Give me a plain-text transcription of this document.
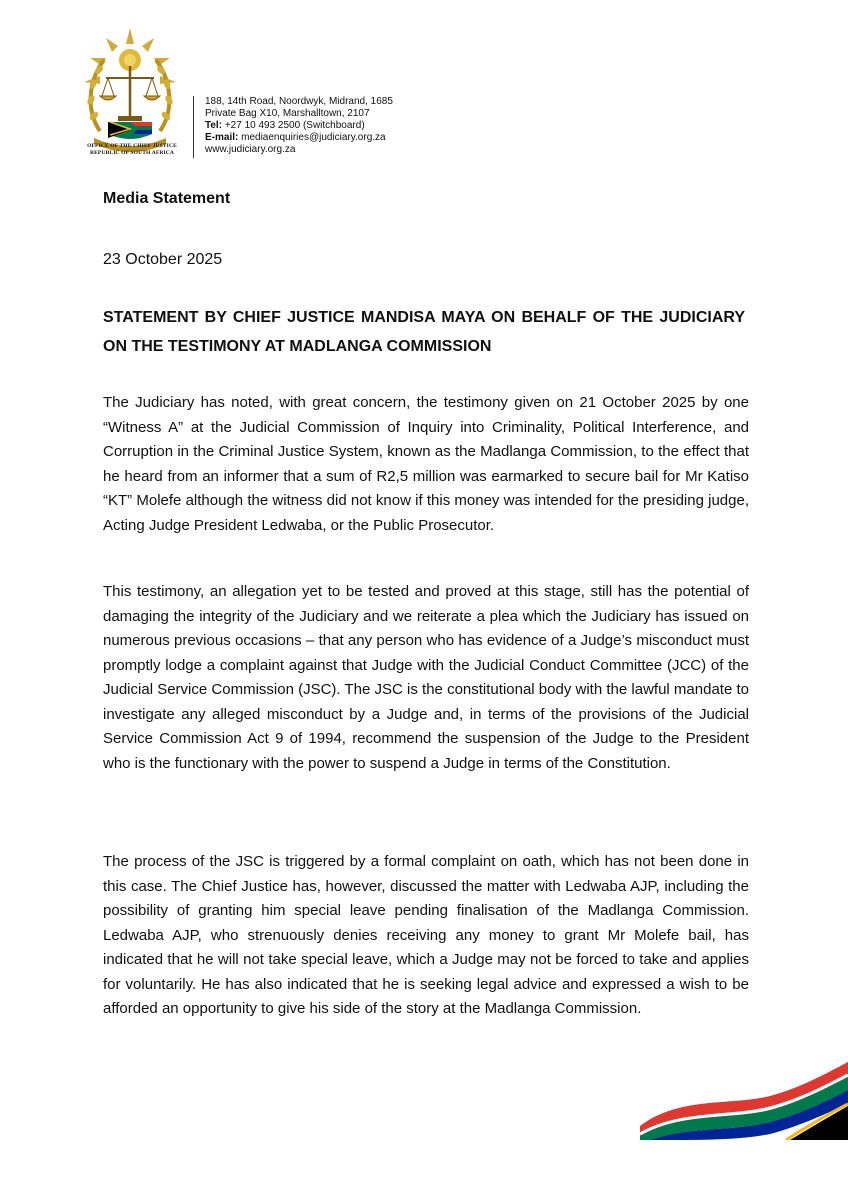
OFFICE OF THE CHIEF JUSTICE
REPUBLIC OF SOUTH AFRICA
188, 14th Road, Noordwyk, Midrand, 1685
Private Bag X10, Marshalltown, 2107
Tel: +27 10 493 2500 (Switchboard)
E-mail: mediaenquiries@judiciary.org.za
www.judiciary.org.za
Media Statement
23 October 2025
STATEMENT BY CHIEF JUSTICE MANDISA MAYA ON BEHALF OF THE JUDICIARY ON THE TESTIMONY AT MADLANGA COMMISSION
The Judiciary has noted, with great concern, the testimony given on 21 October 2025 by one “Witness A” at the Judicial Commission of Inquiry into Criminality, Political Interference, and Corruption in the Criminal Justice System, known as the Madlanga Commission, to the effect that he heard from an informer that a sum of R2,5 million was earmarked to secure bail for Mr Katiso “KT” Molefe although the witness did not know if this money was intended for the presiding judge, Acting Judge President Ledwaba, or the Public Prosecutor.
This testimony, an allegation yet to be tested and proved at this stage, still has the potential of damaging the integrity of the Judiciary and we reiterate a plea which the Judiciary has issued on numerous previous occasions – that any person who has evidence of a Judge’s misconduct must promptly lodge a complaint against that Judge with the Judicial Conduct Committee (JCC) of the Judicial Service Commission (JSC). The JSC is the constitutional body with the lawful mandate to investigate any alleged misconduct by a Judge and, in terms of the provisions of the Judicial Service Commission Act 9 of 1994, recommend the suspension of the Judge to the President who is the functionary with the power to suspend a Judge in terms of the Constitution.
The process of the JSC is triggered by a formal complaint on oath, which has not been done in this case. The Chief Justice has, however, discussed the matter with Ledwaba AJP, including the possibility of granting him special leave pending finalisation of the Madlanga Commission. Ledwaba AJP, who strenuously denies receiving any money to grant Mr Molefe bail, has indicated that he will not take special leave, which a Judge may not be forced to take and applies for voluntarily. He has also indicated that he is seeking legal advice and expressed a wish to be afforded an opportunity to give his side of the story at the Madlanga Commission.
